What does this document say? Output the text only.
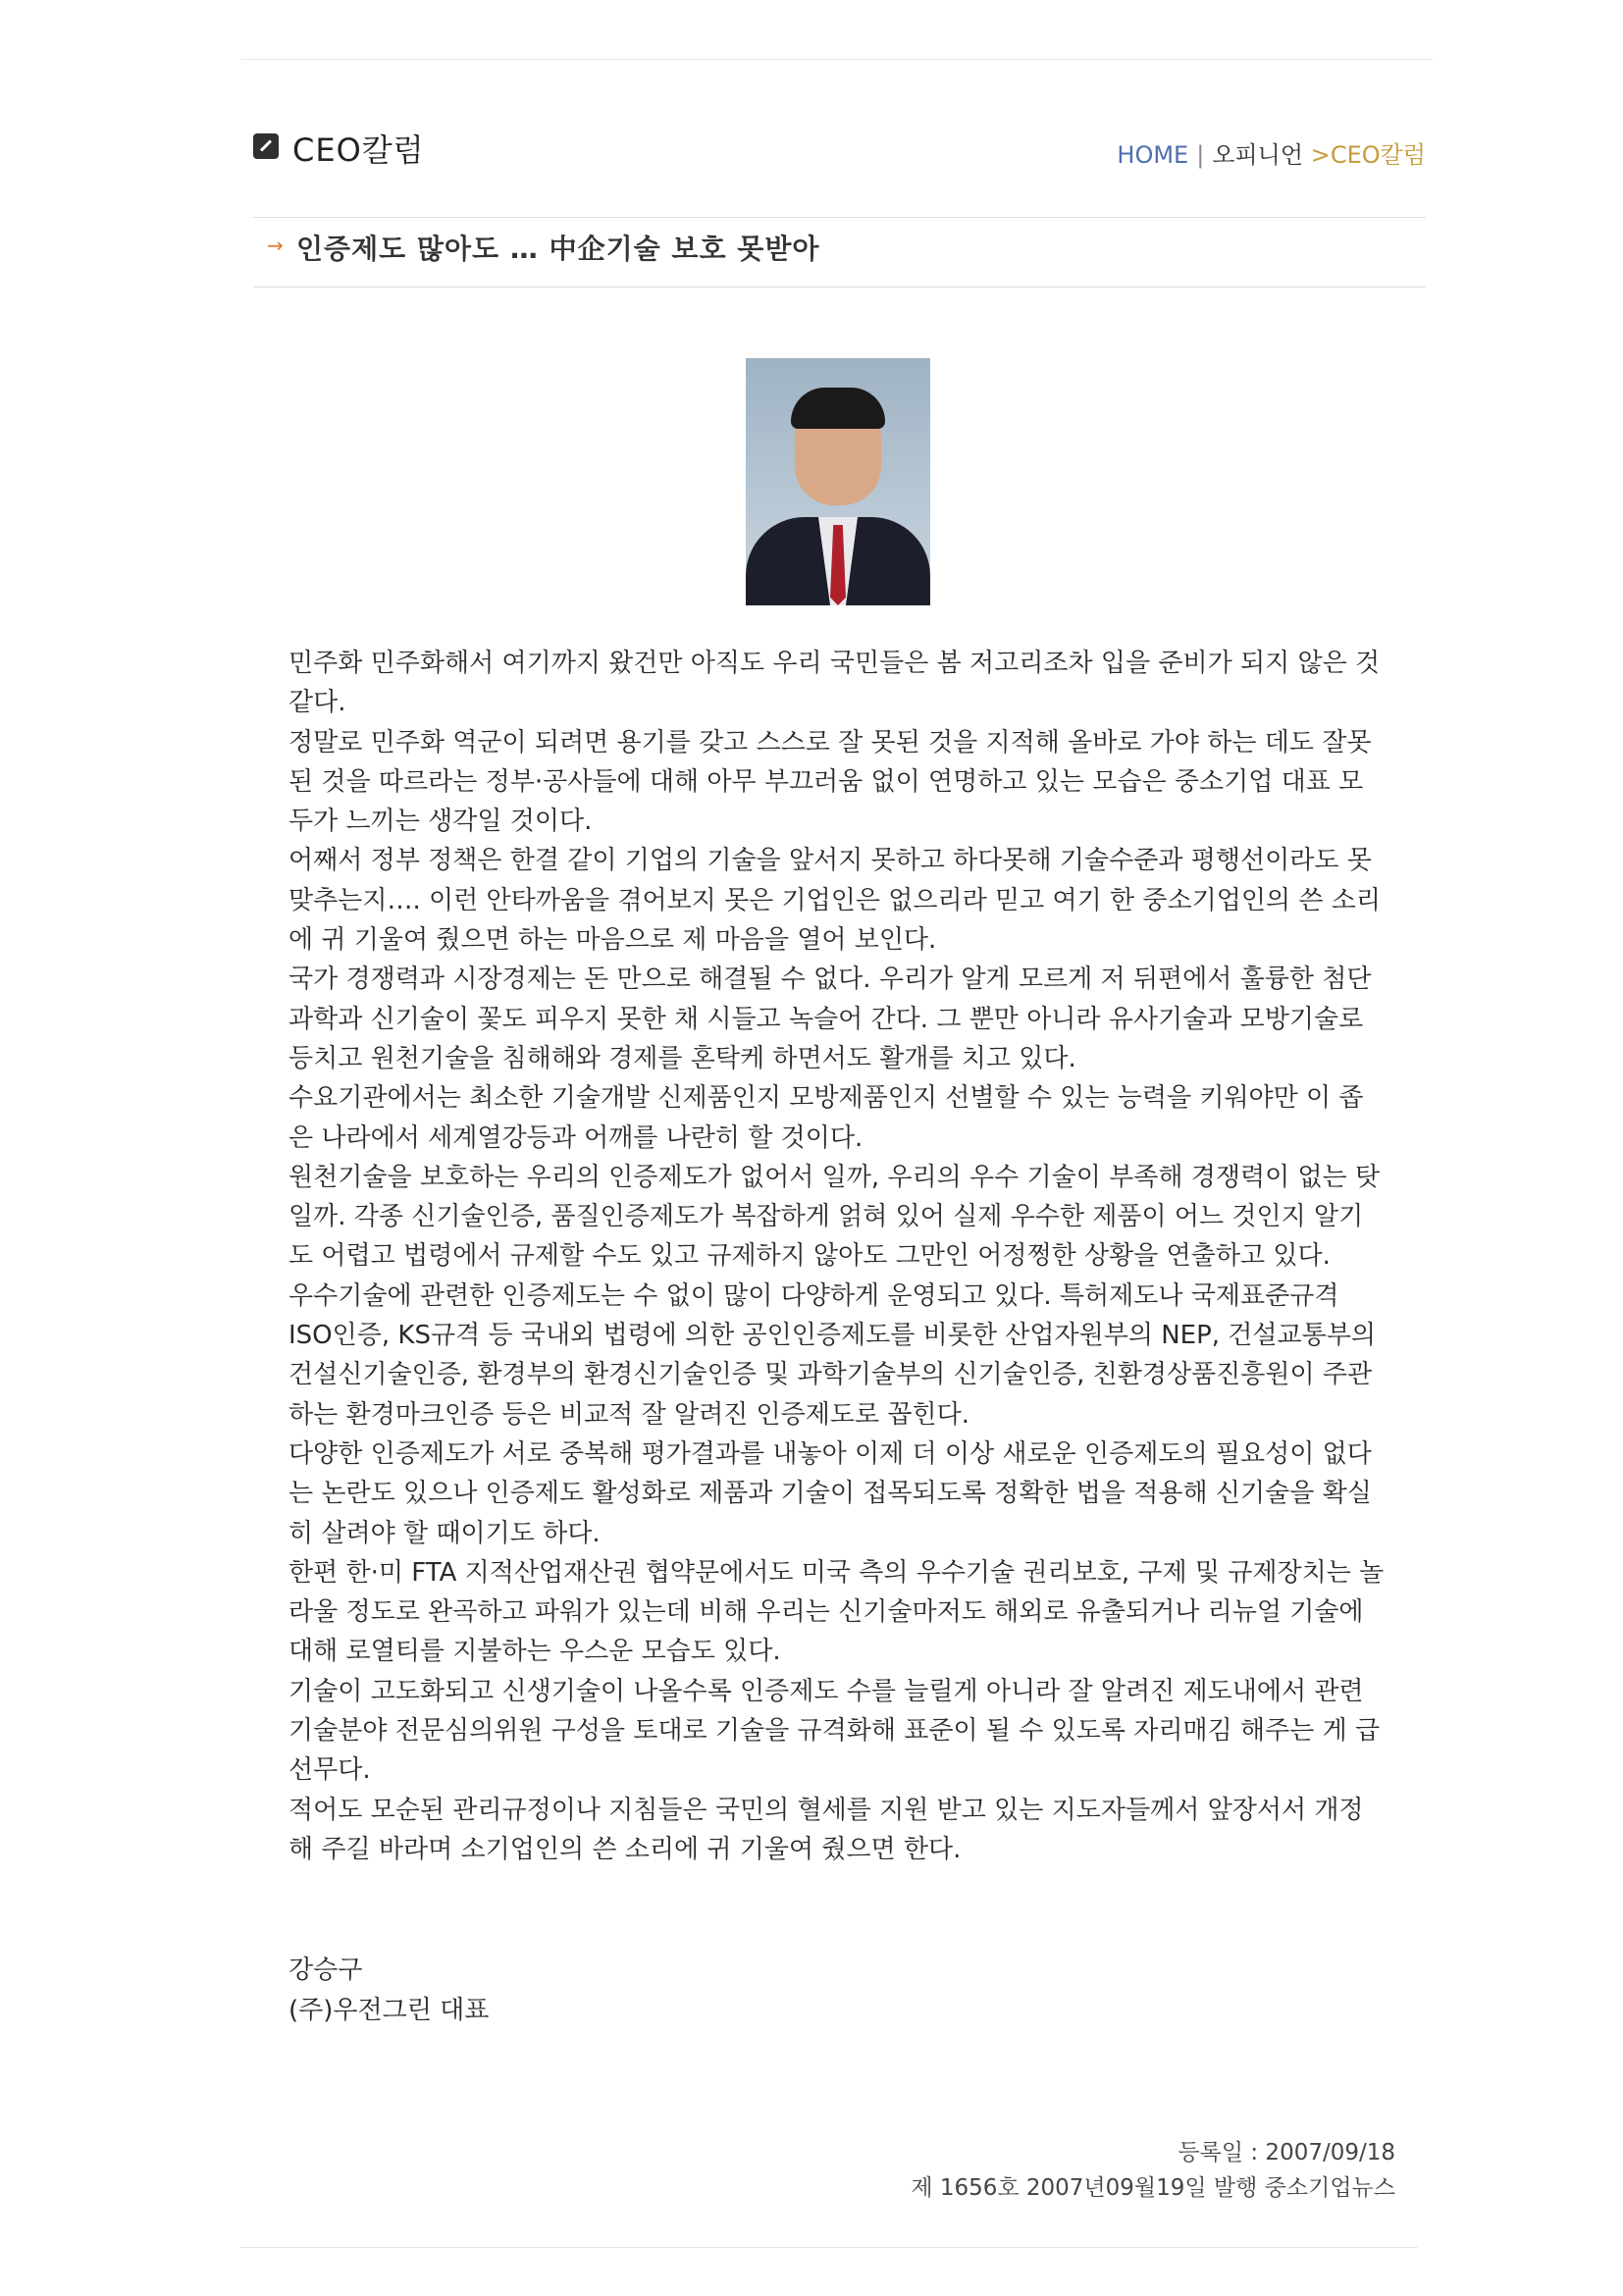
CEO칼럼	HOME | 오피니언 >CEO칼럼
→ 인증제도 많아도 … 中企기술 보호 못받아

민주화 민주화해서 여기까지 왔건만 아직도 우리 국민들은 봄 저고리조차 입을 준비가 되지 않은 것 같다.

정말로 민주화 역군이 되려면 용기를 갖고 스스로 잘 못된 것을 지적해 올바로 가야 하는 데도 잘못된 것을 따르라는 정부·공사들에 대해 아무 부끄러움 없이 연명하고 있는 모습은 중소기업 대표 모두가 느끼는 생각일 것이다.

어째서 정부 정책은 한결 같이 기업의 기술을 앞서지 못하고 하다못해 기술수준과 평행선이라도 못 맞추는지…. 이런 안타까움을 겪어보지 못은 기업인은 없으리라 믿고 여기 한 중소기업인의 쓴 소리에 귀 기울여 줬으면 하는 마음으로 제 마음을 열어 보인다.

국가 경쟁력과 시장경제는 돈 만으로 해결될 수 없다. 우리가 알게 모르게 저 뒤편에서 훌륭한 첨단과학과 신기술이 꽃도 피우지 못한 채 시들고 녹슬어 간다. 그 뿐만 아니라 유사기술과 모방기술로 등치고 원천기술을 침해해와 경제를 혼탁케 하면서도 활개를 치고 있다.

수요기관에서는 최소한 기술개발 신제품인지 모방제품인지 선별할 수 있는 능력을 키워야만 이 좁은 나라에서 세계열강등과 어깨를 나란히 할 것이다.

원천기술을 보호하는 우리의 인증제도가 없어서 일까, 우리의 우수 기술이 부족해 경쟁력이 없는 탓일까. 각종 신기술인증, 품질인증제도가 복잡하게 얽혀 있어 실제 우수한 제품이 어느 것인지 알기도 어렵고 법령에서 규제할 수도 있고 규제하지 않아도 그만인 어정쩡한 상황을 연출하고 있다.

우수기술에 관련한 인증제도는 수 없이 많이 다양하게 운영되고 있다. 특허제도나 국제표준규격 ISO인증, KS규격 등 국내외 법령에 의한 공인인증제도를 비롯한 산업자원부의 NEP, 건설교통부의 건설신기술인증, 환경부의 환경신기술인증 및 과학기술부의 신기술인증, 친환경상품진흥원이 주관하는 환경마크인증 등은 비교적 잘 알려진 인증제도로 꼽힌다.

다양한 인증제도가 서로 중복해 평가결과를 내놓아 이제 더 이상 새로운 인증제도의 필요성이 없다는 논란도 있으나 인증제도 활성화로 제품과 기술이 접목되도록 정확한 법을 적용해 신기술을 확실히 살려야 할 때이기도 하다.

한편 한·미 FTA 지적산업재산권 협약문에서도 미국 측의 우수기술 권리보호, 구제 및 규제장치는 놀라울 정도로 완곡하고 파워가 있는데 비해 우리는 신기술마저도 해외로 유출되거나 리뉴얼 기술에 대해 로열티를 지불하는 우스운 모습도 있다.

기술이 고도화되고 신생기술이 나올수록 인증제도 수를 늘릴게 아니라 잘 알려진 제도내에서 관련 기술분야 전문심의위원 구성을 토대로 기술을 규격화해 표준이 될 수 있도록 자리매김 해주는 게 급선무다.

적어도 모순된 관리규정이나 지침들은 국민의 혈세를 지원 받고 있는 지도자들께서 앞장서서 개정해 주길 바라며 소기업인의 쓴 소리에 귀 기울여 줬으면 한다.

강승구
(주)우전그린 대표
등록일 : 2007/09/18
제 1656호 2007년09월19일 발행 중소기업뉴스
